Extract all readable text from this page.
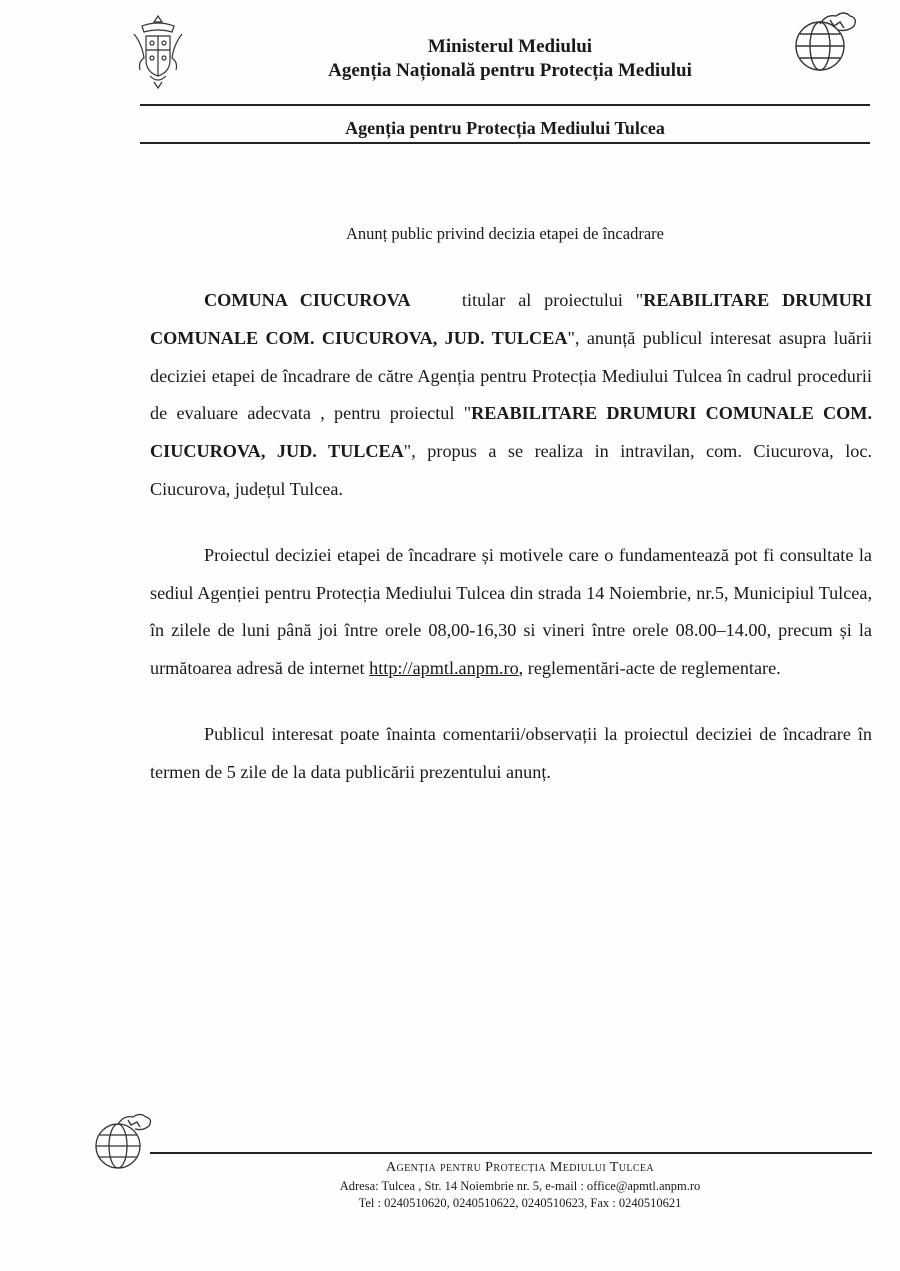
Ministerul Mediului
Agenția Națională pentru Protecția Mediului
Agenția pentru Protecția Mediului Tulcea
Anunț public privind decizia etapei de încadrare

COMUNA CIUCUROVA	titular al proiectului "REABILITARE DRUMURI COMUNALE COM. CIUCUROVA, JUD. TULCEA", anunță publicul interesat asupra luării deciziei etapei de încadrare de către Agenția pentru Protecția Mediului Tulcea în cadrul procedurii de evaluare adecvata , pentru proiectul "REABILITARE DRUMURI COMUNALE COM. CIUCUROVA, JUD. TULCEA", propus a se realiza in intravilan, com. Ciucurova, loc. Ciucurova, județul Tulcea.

Proiectul deciziei etapei de încadrare și motivele care o fundamentează pot fi consultate la sediul Agenției pentru Protecția Mediului Tulcea din strada 14 Noiembrie, nr.5, Municipiul Tulcea, în zilele de luni până joi între orele 08,00-16,30 si vineri între orele 08.00–14.00, precum și la următoarea adresă de internet http://apmtl.anpm.ro, reglementări-acte de reglementare.

Publicul interesat poate înainta comentarii/observații la proiectul deciziei de încadrare în termen de 5 zile de la data publicării prezentului anunț.

Agenția pentru Protecția Mediului Tulcea
Adresa: Tulcea , Str. 14 Noiembrie nr. 5, e-mail : office@apmtl.anpm.ro
Tel : 0240510620, 0240510622, 0240510623, Fax : 0240510621
